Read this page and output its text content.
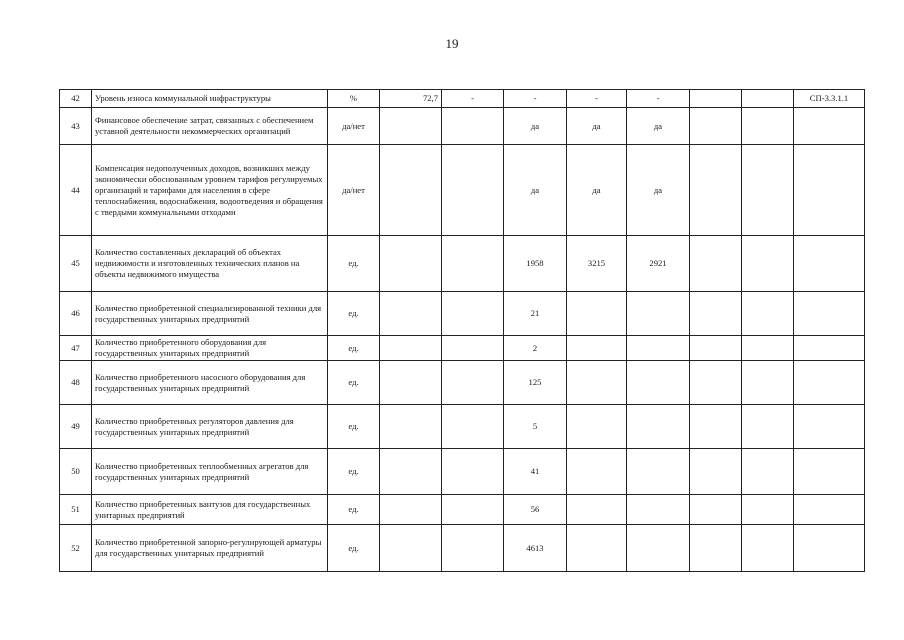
19
42	Уровень износа коммунальной инфраструктуры	%	72,7	-	-	-	-			СП-3.3.1.1
43	Финансовое обеспечение затрат, связанных с обеспечением уставной деятельности некоммерческих организаций	да/нет			да	да	да			
44	Компенсация недополученных доходов, возникших между экономически обоснованным уровнем тарифов регулируемых организаций и тарифами для населения в сфере теплоснабжения, водоснабжения, водоотведения и обращения с твердыми коммунальными отходами	да/нет			да	да	да			
45	Количество составленных деклараций об объектах недвижимости и изготовленных технических планов на объекты недвижимого имущества	ед.			1958	3215	2921			
46	Количество приобретенной специализированной техники для государственных унитарных предприятий	ед.			21					
47	Количество приобретенного оборудования для государственных унитарных предприятий	ед.			2					
48	Количество приобретенного насосного оборудования для государственных унитарных предприятий	ед.			125					
49	Количество приобретенных регуляторов давления для государственных унитарных предприятий	ед.			5					
50	Количество приобретенных теплообменных агрегатов для государственных унитарных предприятий	ед.			41					
51	Количество приобретенных вантузов для государственных унитарных предприятий	ед.			56					
52	Количество приобретенной запорно-регулирующей арматуры для государственных унитарных предприятий	ед.			4613					
